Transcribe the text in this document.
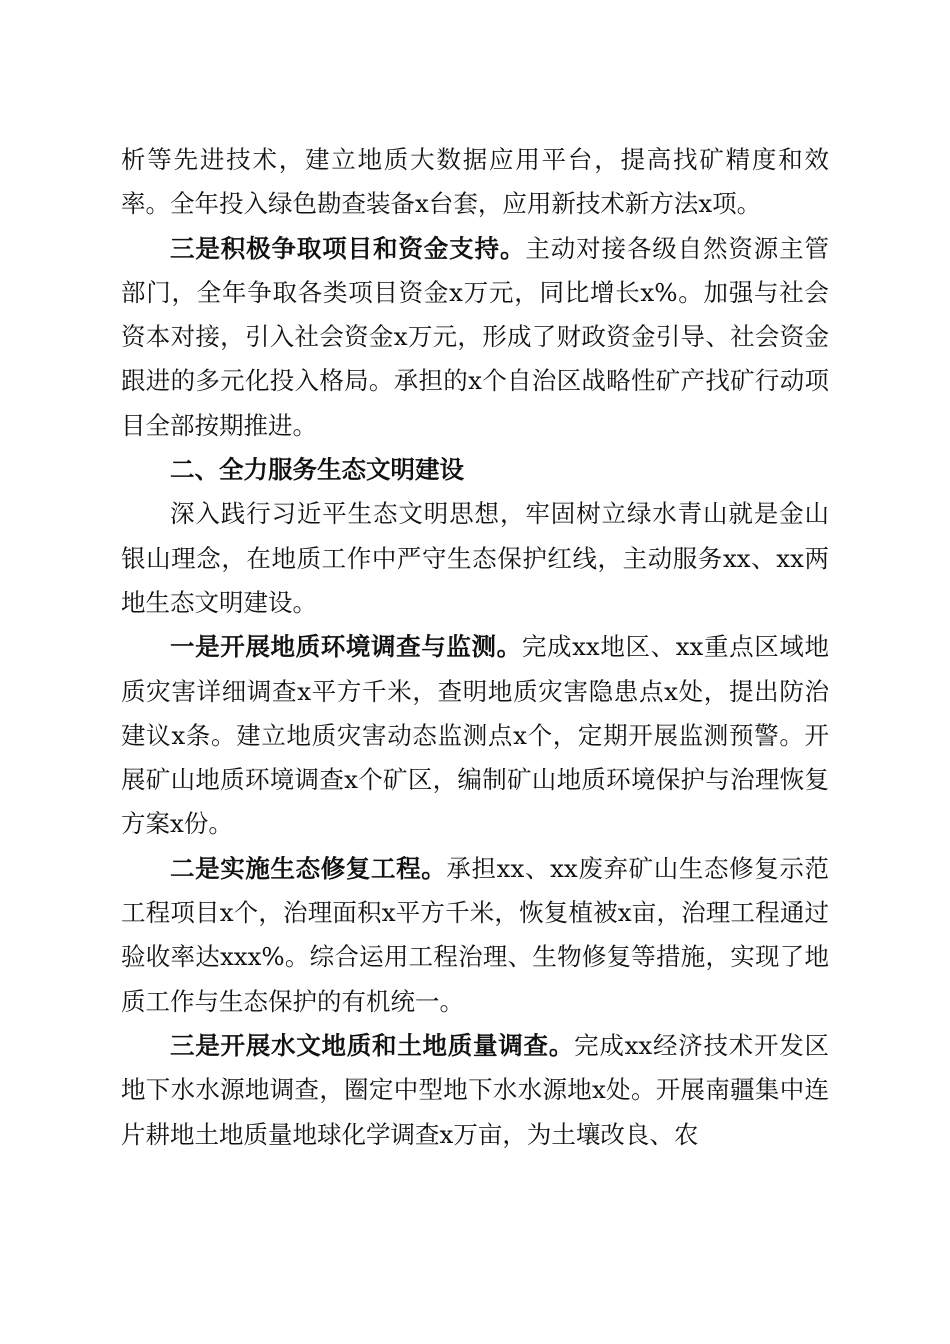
析等先进技术，建立地质大数据应用平台，提高找矿精度和效率。全年投入绿色勘查装备x台套，应用新技术新方法x项。

三是积极争取项目和资金支持。主动对接各级自然资源主管部门，全年争取各类项目资金x万元，同比增长x%。加强与社会资本对接，引入社会资金x万元，形成了财政资金引导、社会资金跟进的多元化投入格局。承担的x个自治区战略性矿产找矿行动项目全部按期推进。

二、全力服务生态文明建设

深入践行习近平生态文明思想，牢固树立绿水青山就是金山银山理念，在地质工作中严守生态保护红线，主动服务xx、xx两地生态文明建设。

一是开展地质环境调查与监测。完成xx地区、xx重点区域地质灾害详细调查x平方千米，查明地质灾害隐患点x处，提出防治建议x条。建立地质灾害动态监测点x个，定期开展监测预警。开展矿山地质环境调查x个矿区，编制矿山地质环境保护与治理恢复方案x份。

二是实施生态修复工程。承担xx、xx废弃矿山生态修复示范工程项目x个，治理面积x平方千米，恢复植被x亩，治理工程通过验收率达xxx%。综合运用工程治理、生物修复等措施，实现了地质工作与生态保护的有机统一。

三是开展水文地质和土地质量调查。完成xx经济技术开发区地下水水源地调查，圈定中型地下水水源地x处。开展南疆集中连片耕地土地质量地球化学调查x万亩，为土壤改良、农
